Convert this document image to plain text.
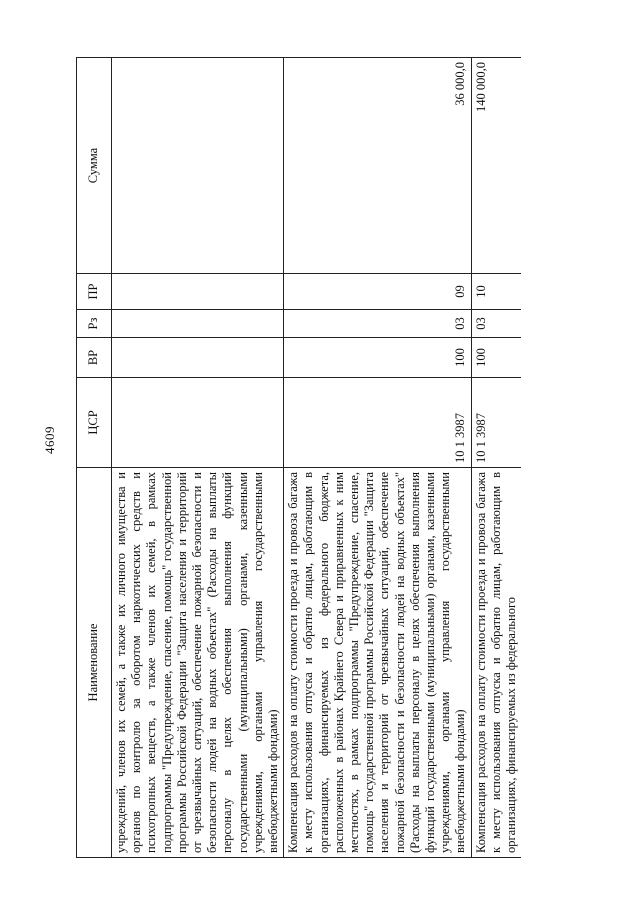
4609
Наименование	ЦСР	ВР	Рз	ПР	Сумма
учреждений, членов их семей, а также их личного имущества и органов по контролю за оборотом наркотических средств и психотропных веществ, а также членов их семей, в рамках подпрограммы "Предупреждение, спасение, помощь" государственной программы Российской Федерации "Защита населения и территорий от чрезвычайных ситуаций, обеспечение пожарной безопасности и безопасности людей на водных объектах" (Расходы на выплаты персоналу в целях обеспечения выполнения функций государственными (муниципальными) органами, казенными учреждениями, органами управления государственными внебюджетными фондами)					
Компенсация расходов на оплату стоимости проезда и провоза багажа к месту использования отпуска и обратно лицам, работающим в организациях, финансируемых из федерального бюджета, расположенных в районах Крайнего Севера и приравненных к ним местностях, в рамках подпрограммы "Предупреждение, спасение, помощь" государственной программы Российской Федерации "Защита населения и территорий от чрезвычайных ситуаций, обеспечение пожарной безопасности и безопасности людей на водных объектах" (Расходы на выплаты персоналу в целях обеспечения выполнения функций государственными (муниципальными) органами, казенными учреждениями, органами управления государственными внебюджетными фондами)	10 1 3987	100	03	09	36 000,0
Компенсация расходов на оплату стоимости проезда и провоза багажа к месту использования отпуска и обратно лицам, работающим в организациях, финансируемых из федерального	10 1 3987	100	03	10	140 000,0
